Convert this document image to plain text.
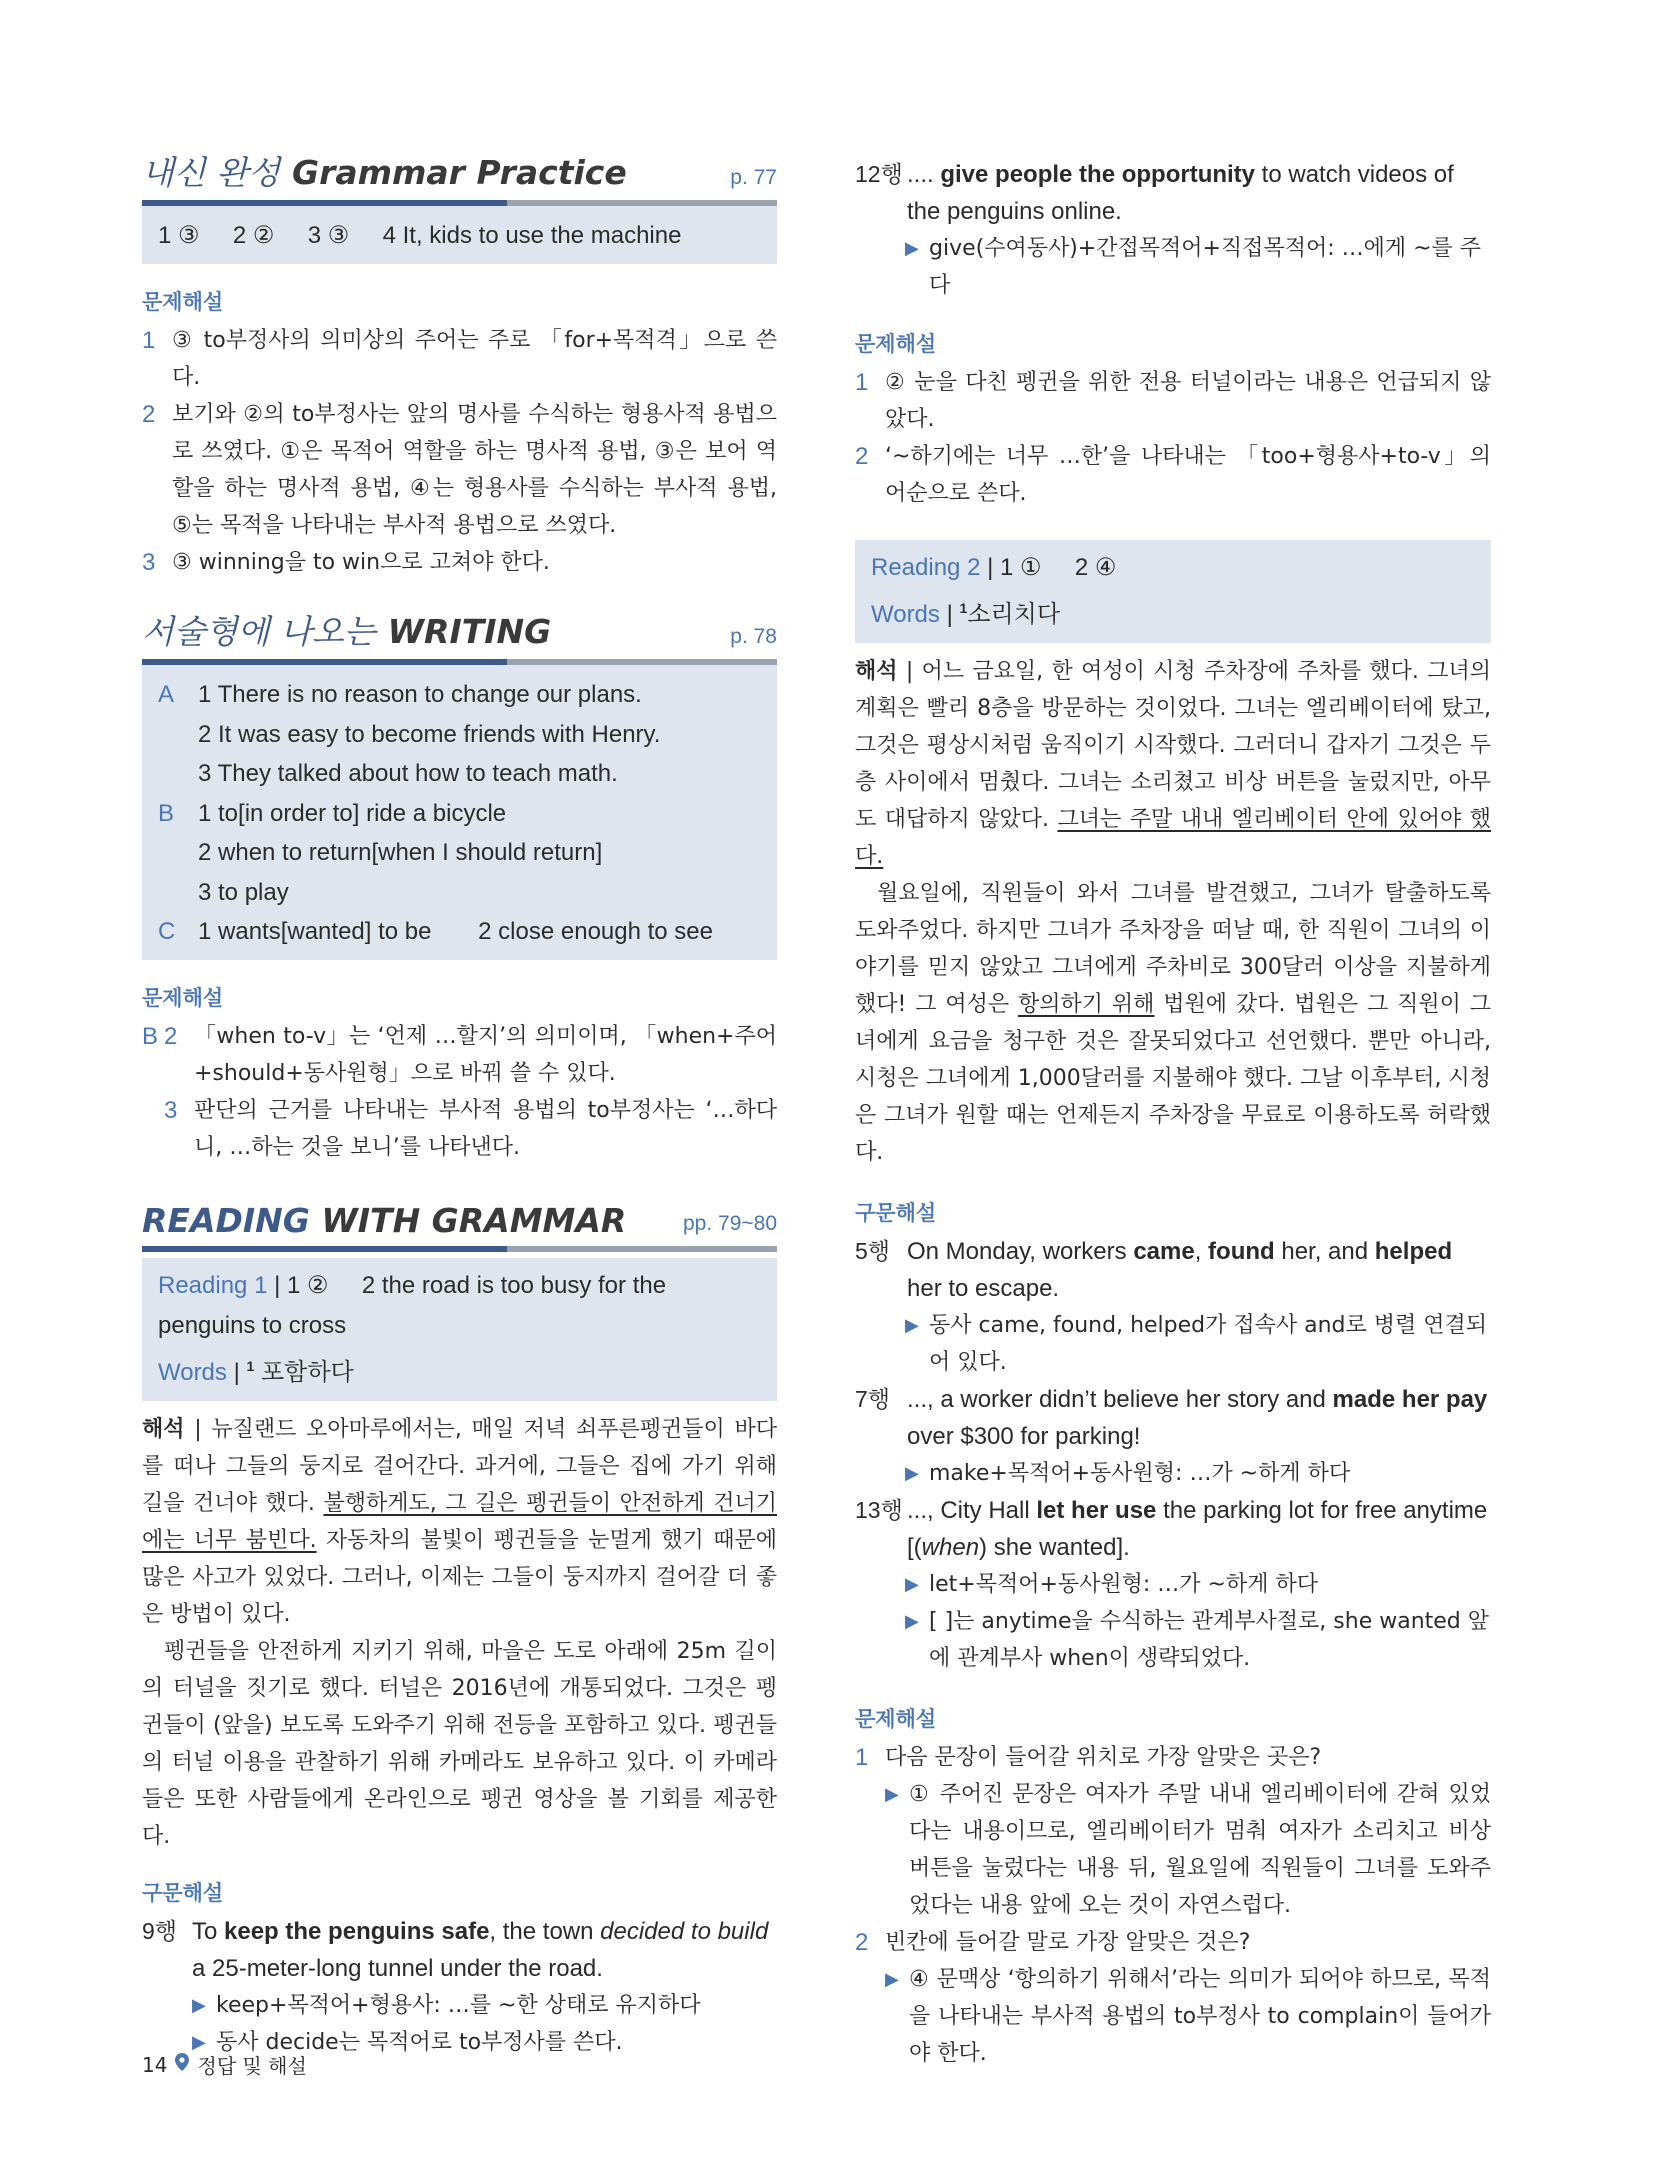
내신 완성 Grammar Practice	p. 77
1 ③     2 ②     3 ③     4 It, kids to use the machine
문제해설
1 ③ to부정사의 의미상의 주어는 주로 「for+목적격」으로 쓴다.
2 보기와 ②의 to부정사는 앞의 명사를 수식하는 형용사적 용법으로 쓰였다. ①은 목적어 역할을 하는 명사적 용법, ③은 보어 역할을 하는 명사적 용법, ④는 형용사를 수식하는 부사적 용법, ⑤는 목적을 나타내는 부사적 용법으로 쓰였다.
3 ③ winning을 to win으로 고쳐야 한다.
서술형에 나오는 WRITING	p. 78
A 1 There is no reason to change our plans.
2 It was easy to become friends with Henry.
3 They talked about how to teach math.
B 1 to[in order to] ride a bicycle
2 when to return[when I should return]
3 to play
C 1 wants[wanted] to be       2 close enough to see
문제해설
B 2 「when to-v」는 ‘언제 …할지’의 의미이며, 「when+주어+should+동사원형」으로 바꿔 쓸 수 있다.
3 판단의 근거를 나타내는 부사적 용법의 to부정사는 ‘…하다니, …하는 것을 보니’를 나타낸다.
READING WITH GRAMMAR	pp. 79~80
Reading 1 | 1 ②     2 the road is too busy for the penguins to cross
Words | $^1$ 포함하다
해석 | 뉴질랜드 오아마루에서는, 매일 저녁 쇠푸른펭귄들이 바다를 떠나 그들의 둥지로 걸어간다. 과거에, 그들은 집에 가기 위해 길을 건너야 했다. 불행하게도, 그 길은 펭귄들이 안전하게 건너기에는 너무 붐빈다. 자동차의 불빛이 펭귄들을 눈멀게 했기 때문에 많은 사고가 있었다. 그러나, 이제는 그들이 둥지까지 걸어갈 더 좋은 방법이 있다.
펭귄들을 안전하게 지키기 위해, 마을은 도로 아래에 25m 길이의 터널을 짓기로 했다. 터널은 2016년에 개통되었다. 그것은 펭귄들이 (앞을) 보도록 도와주기 위해 전등을 포함하고 있다. 펭귄들의 터널 이용을 관찰하기 위해 카메라도 보유하고 있다. 이 카메라들은 또한 사람들에게 온라인으로 펭귄 영상을 볼 기회를 제공한다.
구문해설
9행 To keep the penguins safe, the town decided to build a 25-meter-long tunnel under the road.
▶ keep+목적어+형용사: …를 ~한 상태로 유지하다
▶ 동사 decide는 목적어로 to부정사를 쓴다.
12행 .... give people the opportunity to watch videos of the penguins online.
▶ give(수여동사)+간접목적어+직접목적어: …에게 ~를 주다
문제해설
1 ② 눈을 다친 펭귄을 위한 전용 터널이라는 내용은 언급되지 않았다.
2 ‘~하기에는 너무 …한’을 나타내는 「too+형용사+to-v」의 어순으로 쓴다.
Reading 2 | 1 ①     2 ④
Words | $^1$소리치다
해석 | 어느 금요일, 한 여성이 시청 주차장에 주차를 했다. 그녀의 계획은 빨리 8층을 방문하는 것이었다. 그녀는 엘리베이터에 탔고, 그것은 평상시처럼 움직이기 시작했다. 그러더니 갑자기 그것은 두 층 사이에서 멈췄다. 그녀는 소리쳤고 비상 버튼을 눌렀지만, 아무도 대답하지 않았다. 그녀는 주말 내내 엘리베이터 안에 있어야 했다.
월요일에, 직원들이 와서 그녀를 발견했고, 그녀가 탈출하도록 도와주었다. 하지만 그녀가 주차장을 떠날 때, 한 직원이 그녀의 이야기를 믿지 않았고 그녀에게 주차비로 300달러 이상을 지불하게 했다! 그 여성은 항의하기 위해 법원에 갔다. 법원은 그 직원이 그녀에게 요금을 청구한 것은 잘못되었다고 선언했다. 뿐만 아니라, 시청은 그녀에게 1,000달러를 지불해야 했다. 그날 이후부터, 시청은 그녀가 원할 때는 언제든지 주차장을 무료로 이용하도록 허락했다.
구문해설
5행 On Monday, workers came, found her, and helped her to escape.
▶ 동사 came, found, helped가 접속사 and로 병렬 연결되어 있다.
7행 ..., a worker didn’t believe her story and made her pay over $300 for parking!
▶ make+목적어+동사원형: …가 ~하게 하다
13행 ..., City Hall let her use the parking lot for free anytime [(when) she wanted].
▶ let+목적어+동사원형: …가 ~하게 하다
▶ [ ]는 anytime을 수식하는 관계부사절로, she wanted 앞에 관계부사 when이 생략되었다.
문제해설
1 다음 문장이 들어갈 위치로 가장 알맞은 곳은?
▶ ① 주어진 문장은 여자가 주말 내내 엘리베이터에 갇혀 있었다는 내용이므로, 엘리베이터가 멈춰 여자가 소리치고 비상 버튼을 눌렀다는 내용 뒤, 월요일에 직원들이 그녀를 도와주었다는 내용 앞에 오는 것이 자연스럽다.
2 빈칸에 들어갈 말로 가장 알맞은 것은?
▶ ④ 문맥상 ‘항의하기 위해서’라는 의미가 되어야 하므로, 목적을 나타내는 부사적 용법의 to부정사 to complain이 들어가야 한다.
14 정답 및 해설
